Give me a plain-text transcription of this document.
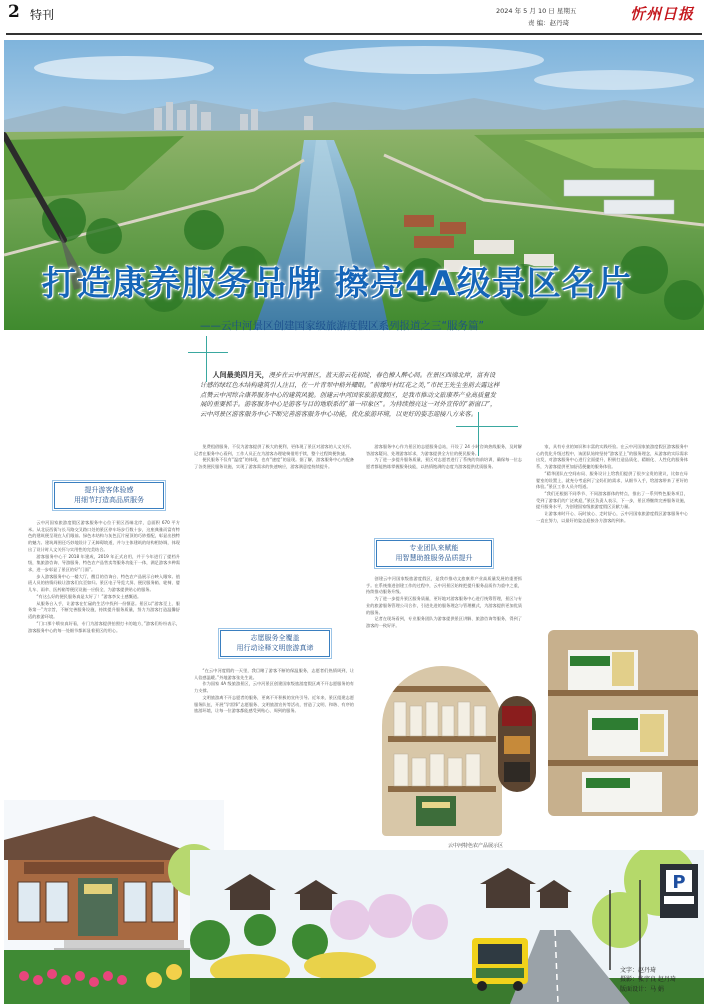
2 特刊	2024 年 5 月 10 日 星期五
责 编：赵丹琦	忻州日报
打造康养服务品牌 擦亮4A级景区名片
——云中河景区创建国家级旅游度假区系列报道之三“服务篇”
人间最美四月天，漫步在云中河景区，蓝天游云花初绽，春色撩人醉心间。在景区西端北岸，富有设计感的绿红色木结构建筑引人注目，在一片青翠中格外耀眼。“前缘叶村红花之美，”市民王先生坐前去露这样点赞云中河综合康养服务中心的建筑风貌。创建云中河国家旅游度假区，是我市推动文旅康养产业高质量发展的重要抓手。游客服务中心是游客与目的地联系的“第一印象区”。为持续擦亮这一对外宣传的“新窗口”，云中河景区游客服务中心不断完善游客服务中心功能，优化旅游环境，以更好的姿态迎接八方来客。
提升游客体验感
用细节打造高品质服务

云中河国家旅游度假区游客服务中心位于景区西端北岸，总面积 670 平方米。从北辰西街与长马路交叉路口处的景区停车场步行数十步，这座典雅而富有特色的建筑便呈现在人们眼前。绿色木结构与灰色瓦片屋顶的巧妙搭配，彰显出独特的魅力。建筑周围还巧妙地设计了无障碍坡道，并与主体建筑的结构相协调，体现出了设计时人文关怀与实用性的完美结合。

游客服务中心于 2018 年建成，2019 年正式启用，并于今年进行了提档升级，集旅游咨询、导游服务、特色农产品售卖等服务功能于一体，满足游客多种需求，进一步彰显了景区的好“门面”。

步入游客服务中心一楼大厅，醒目的咨询台、特色农产品展示台映入眼帘。值班人员的热情问候让游客们宾至如归。景区电子导览大屏、便民服务箱、轮椅、婴儿车、雨伞、医药箱等便民设施一应俱全，为游客提供贴心的服务。

“有这么好的便民服务真是太好了！”游客李女士感慨道。

从服务台入手，让游客在忙碌的生活中找到一份惬意。景区以“游客至上、服务第一”为宗旨，不断完善服务设施，持续提升服务质量，努力为游客打造温馨舒适的旅游环境。

“门口那个喷泉真好看，专门为游客提供拍照打卡的地方，”游客们纷纷表示，游客服务中心的每一处细节都彰显着景区的用心。

免费租借服务，不仅为游客提供了极大的便利，更体现了景区对游客的人文关怀。记者在服务中心看到，工作人员正在为游客办理轮椅借用手续，整个过程简便快捷。

便民服务不仅有“温度”的体现，也有“速度”的显现。据了解，游客服务中心内配备了各类便民服务设施，实现了游客需求的快速响应，游客满意度持续提升。

志愿服务全覆盖
用行动诠释文明旅游真谛

“在云中河度假的一天里，我目睹了游客不断的保温服务，志愿者们热情周到，让人倍感温暖。”外地游客张先生说。

作为国家 4A 级旅游景区，云中河景区创建国家级旅游度假区离不开志愿服务的有力支撑。

文明旅游离不开志愿者的服务，更离不开积极的宣传引导。近年来，景区组建志愿服务队伍，开展“学雷锋”志愿服务、文明旅游宣传等活动，营造了文明、和谐、有序的旅游环境，让每一位游客都能感受到贴心、周到的服务。

游客服务中心作为景区的志愿服务总站，开设了 24 小时咨询热线服务，及时解答游客疑问、处理游客诉求，为游客提供全方位的便民服务。

为了进一步提升服务质量，景区对志愿者进行了系统的岗前培训，确保每一位志愿者都能熟练掌握服务技能，以热情饱满的态度为游客提供优质服务。

专业团队来赋能
用智慧助推服务品质提升

创建云中河国家级旅游度假区，是我市推动文旅康养产业高质量发展的重要抓手。在系统推进创建工作的过程中，云中河景区始终把提升服务品质作为重中之重，持续推动服务升级。

为了进一步提升景区服务质量，更好地对游客服务中心进行统筹管理，景区与专业的旅游服务管理公司合作，引进先进的服务理念与管理模式，为游客提供更加优质的服务。

记者在现场看到，专业服务团队为游客提供景区讲解、旅游咨询等服务，得到了游客的一致好评。

家，具有专业的知识和丰富的实践经验。在云中河国家旅游度假区游客服务中心的优化升级过程中，该团队始终坚持“游客至上”的服务理念，从游客的实际需求出发，对游客服务中心进行全面提升，积极打造品质化、精细化、人性化的服务体系，为游客提供更加舒适便捷的服务体验。

“精华团队在空间布局、服务设计上给我们提供了很多宝贵的建议，比如在母婴室的设置上，就充分考虑到了宝妈们的需求，从细节入手，给游客带来了更好的体验。”景区工作人员介绍道。

“我们还根据不同季节、不同游客群体的特点，推出了一系列特色服务项目，受到了游客们的广泛欢迎，”景区负责人表示，下一步，景区将继续完善服务设施，提升服务水平，为创建国家级旅游度假区贡献力量。

让游客来时开心、玩时放心、走时舒心，云中河国家旅游度假区游客服务中心一直在努力，以最好的姿态迎接各方游客的到来。

云中河特色农产品展示区
P
文字：赵丹琦
摄影：张宇良 赵丹琦
版面设计：马 娟
